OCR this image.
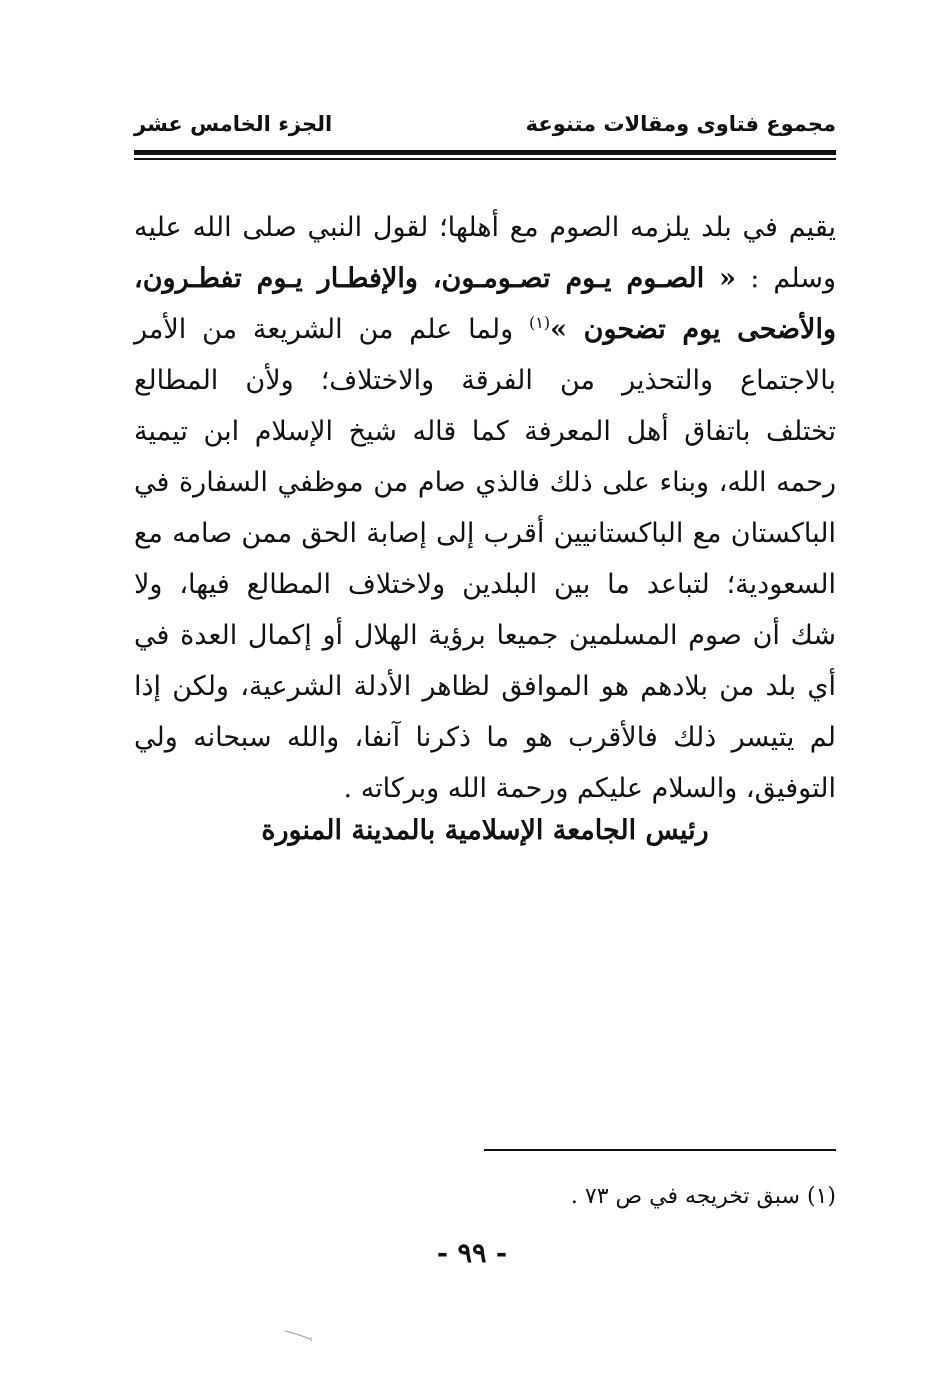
مجموع فتاوى ومقالات متنوعة
الجزء الخامس عشر
يقيم في بلد يلزمه الصوم مع أهلها؛ لقول النبي صلى الله عليه
وسلم : « الصـوم يـوم تصـومـون، والإفطـار يـوم تفطـرون،
والأضحى يوم تضحون »$^{(١)}$ ولما علم من الشريعة من الأمر
بالاجتماع والتحذير من الفرقة والاختلاف؛ ولأن المطالع
تختلف باتفاق أهل المعرفة كما قاله شيخ الإسلام ابن تيمية
رحمه الله، وبناء على ذلك فالذي صام من موظفي السفارة في
الباكستان مع الباكستانيين أقرب إلى إصابة الحق ممن صامه مع
السعودية؛ لتباعد ما بين البلدين ولاختلاف المطالع فيها، ولا
شك أن صوم المسلمين جميعا برؤية الهلال أو إكمال العدة في
أي بلد من بلادهم هو الموافق لظاهر الأدلة الشرعية، ولكن إذا
لم يتيسر ذلك فالأقرب هو ما ذكرنا آنفا، والله سبحانه ولي
التوفيق، والسلام عليكم ورحمة الله وبركاته .
رئيس الجامعة الإسلامية بالمدينة المنورة
(١) سبق تخريجه في ص ٧٣ .
- ٩٩ -
